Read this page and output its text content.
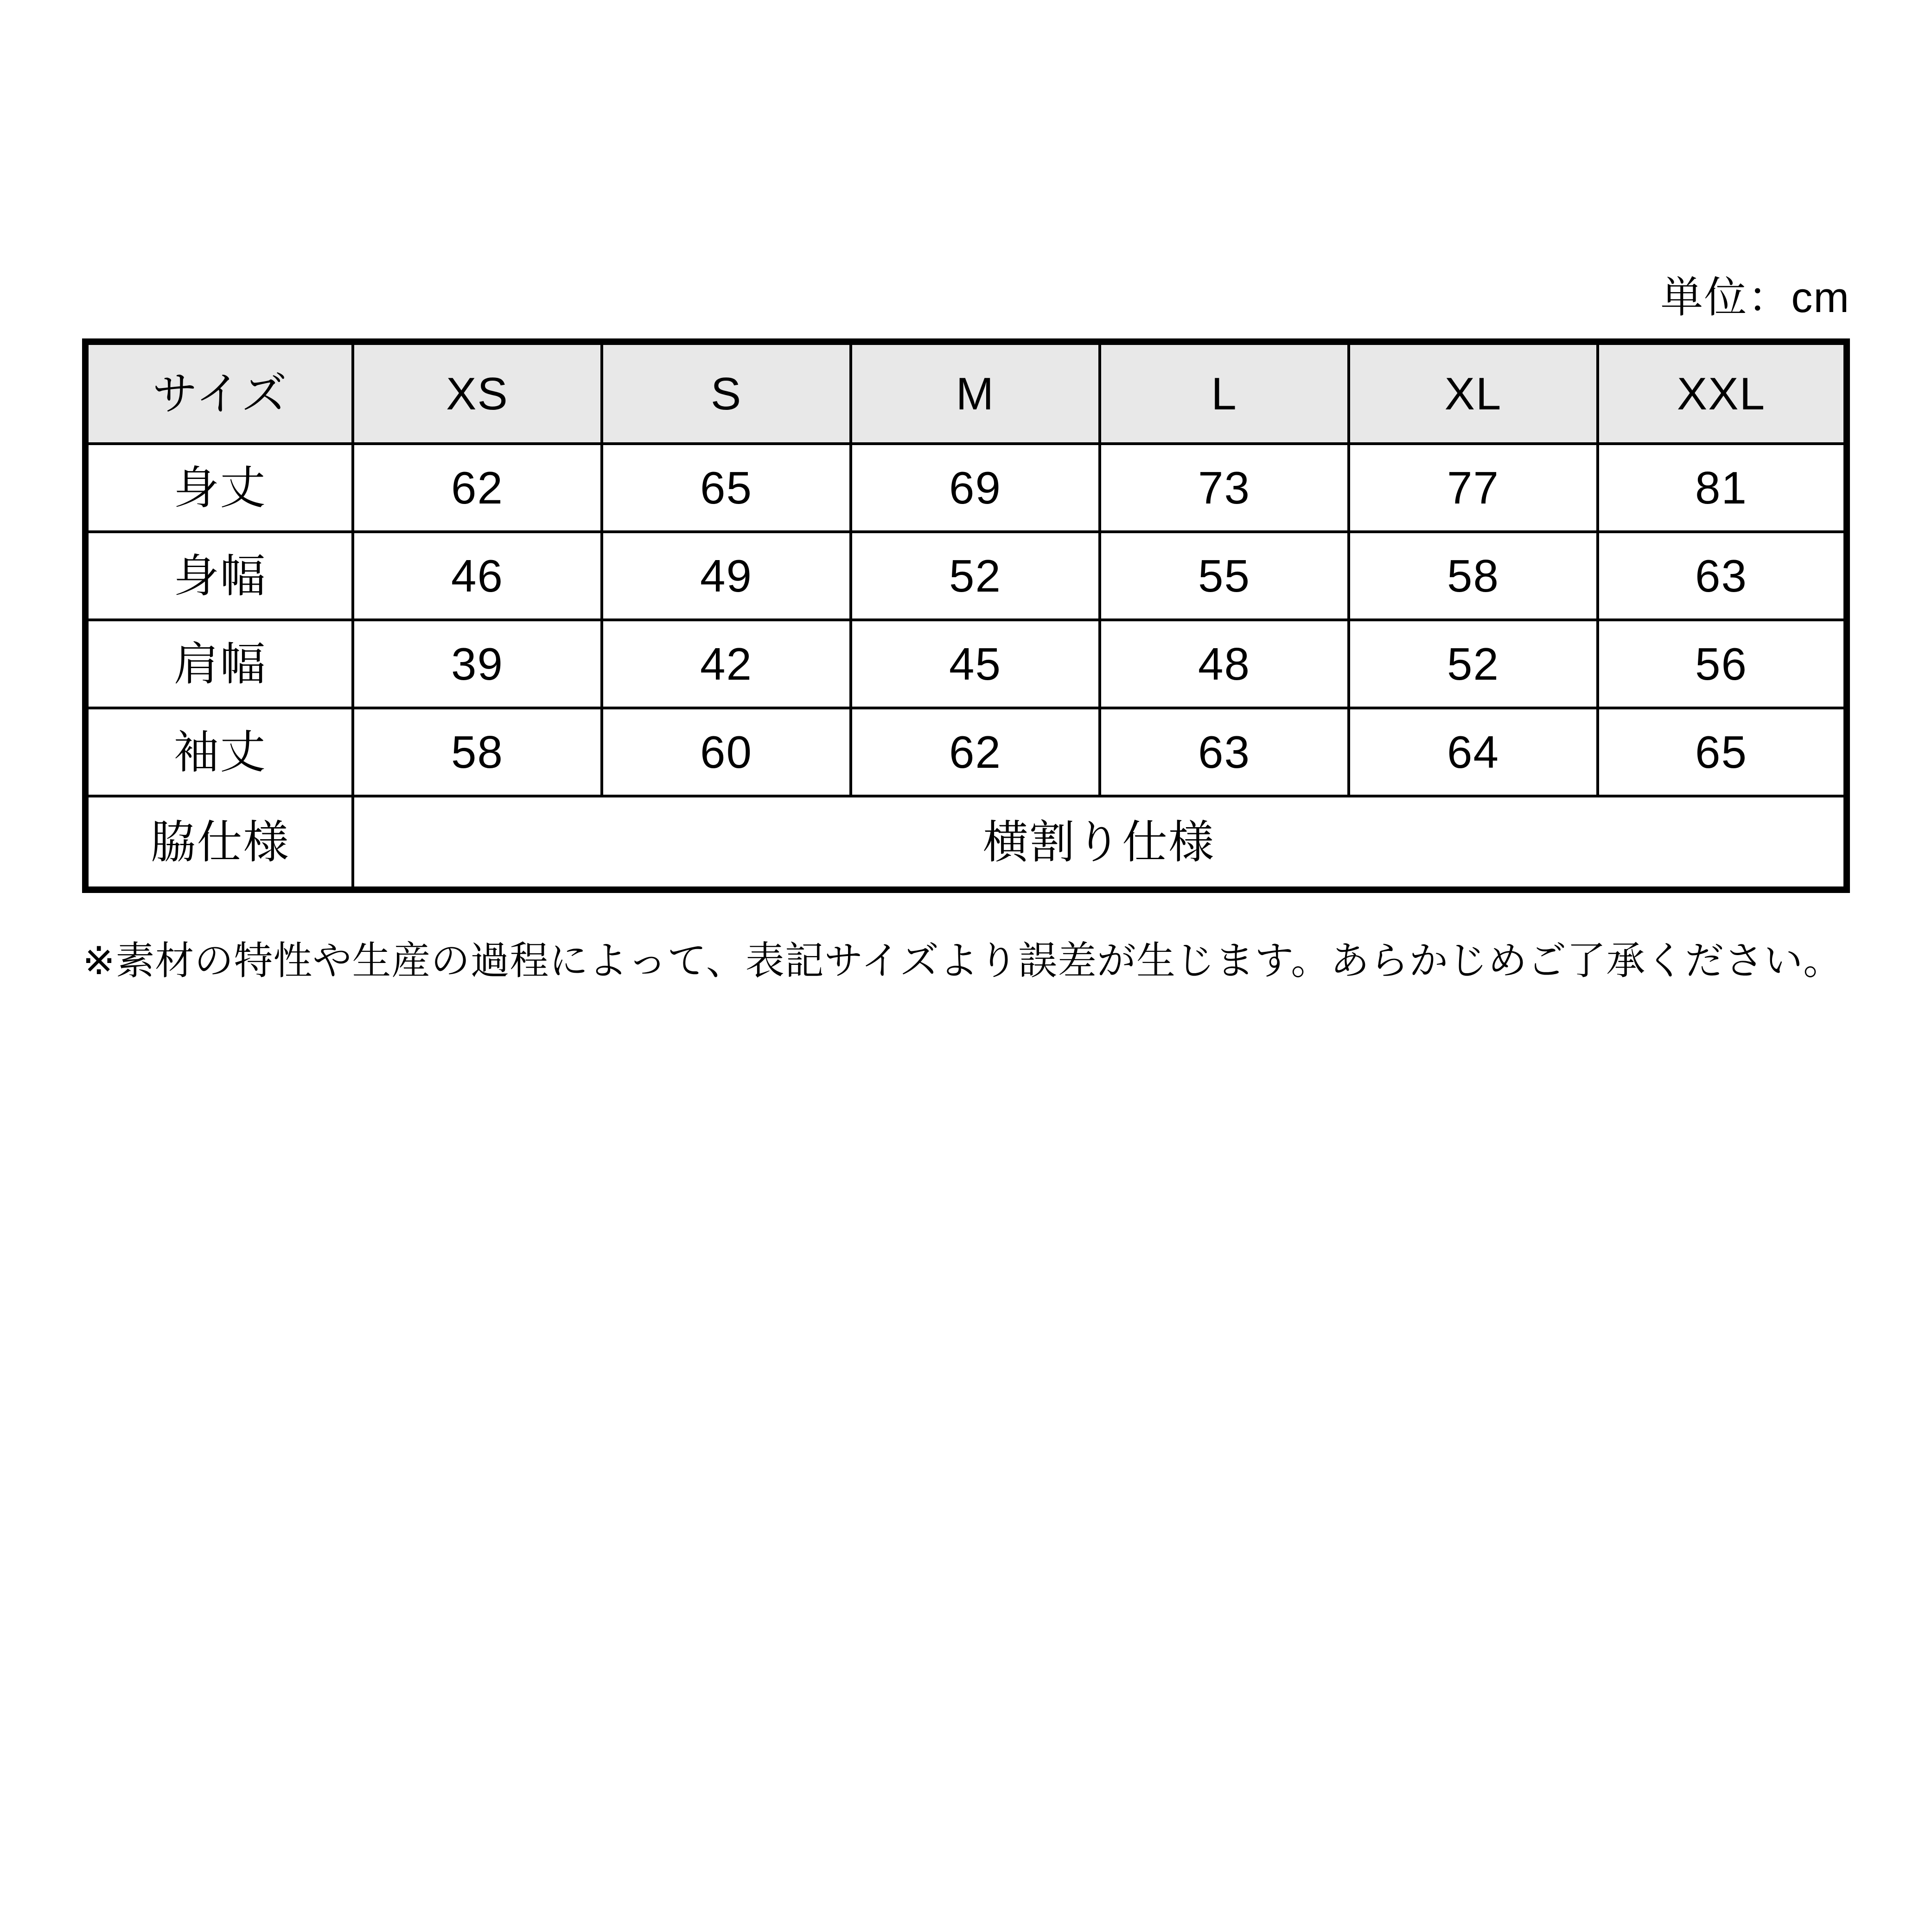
単位：cm
サイズ	XS	S	M	L	XL	XXL
身丈	62	65	69	73	77	81
身幅	46	49	52	55	58	63
肩幅	39	42	45	48	52	56
袖丈	58	60	62	63	64	65
脇仕様	横割り仕様					
※素材の特性や生産の過程によって、表記サイズより誤差が生じます。あらかじめご了承ください。
